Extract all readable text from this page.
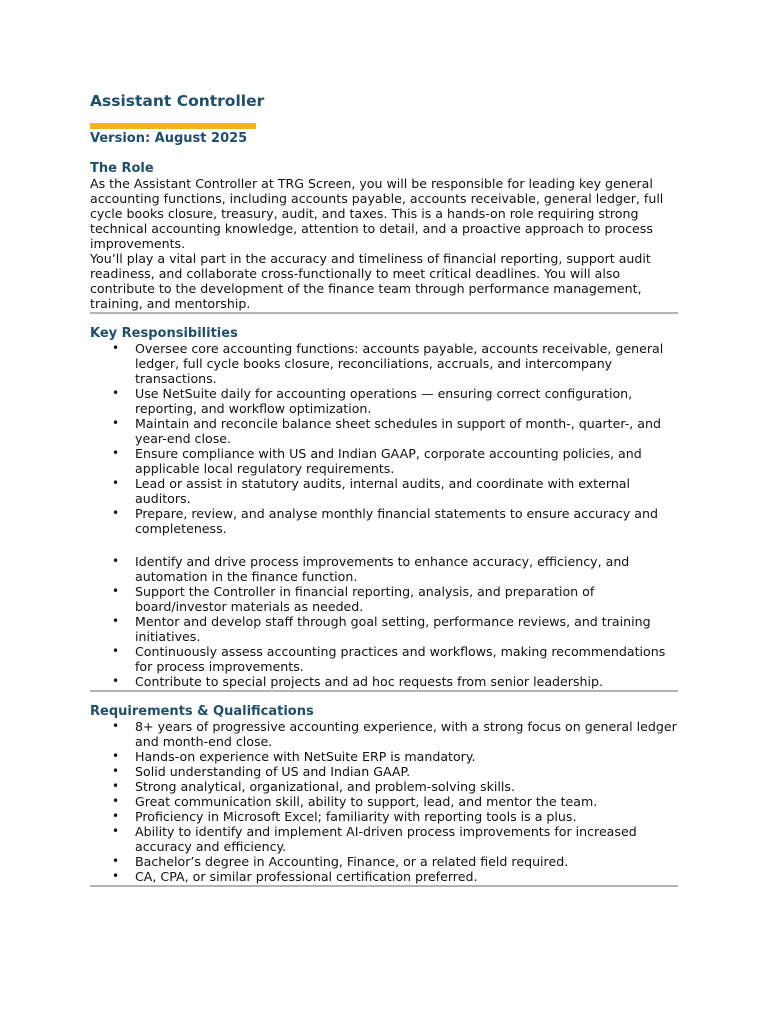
Assistant Controller
Version: August 2025
The Role

As the Assistant Controller at TRG Screen, you will be responsible for leading key general accounting functions, including accounts payable, accounts receivable, general ledger, full cycle books closure, treasury, audit, and taxes. This is a hands-on role requiring strong technical accounting knowledge, attention to detail, and a proactive approach to process improvements.

You’ll play a vital part in the accuracy and timeliness of financial reporting, support audit readiness, and collaborate cross-functionally to meet critical deadlines. You will also contribute to the development of the finance team through performance management, training, and mentorship.

Key Responsibilities
• Oversee core accounting functions: accounts payable, accounts receivable, general ledger, full cycle books closure, reconciliations, accruals, and intercompany transactions.
• Use NetSuite daily for accounting operations — ensuring correct configuration, reporting, and workflow optimization.
• Maintain and reconcile balance sheet schedules in support of month-, quarter-, and year-end close.
• Ensure compliance with US and Indian GAAP, corporate accounting policies, and applicable local regulatory requirements.
• Lead or assist in statutory audits, internal audits, and coordinate with external auditors.
• Prepare, review, and analyse monthly financial statements to ensure accuracy and completeness.
• Identify and drive process improvements to enhance accuracy, efficiency, and automation in the finance function.
• Support the Controller in financial reporting, analysis, and preparation of board/investor materials as needed.
• Mentor and develop staff through goal setting, performance reviews, and training initiatives.
• Continuously assess accounting practices and workflows, making recommendations for process improvements.
• Contribute to special projects and ad hoc requests from senior leadership.
Requirements & Qualifications
• 8+ years of progressive accounting experience, with a strong focus on general ledger and month-end close.
• Hands-on experience with NetSuite ERP is mandatory.
• Solid understanding of US and Indian GAAP.
• Strong analytical, organizational, and problem-solving skills.
• Great communication skill, ability to support, lead, and mentor the team.
• Proficiency in Microsoft Excel; familiarity with reporting tools is a plus.
• Ability to identify and implement AI-driven process improvements for increased accuracy and efficiency.
• Bachelor’s degree in Accounting, Finance, or a related field required.
• CA, CPA, or similar professional certification preferred.
